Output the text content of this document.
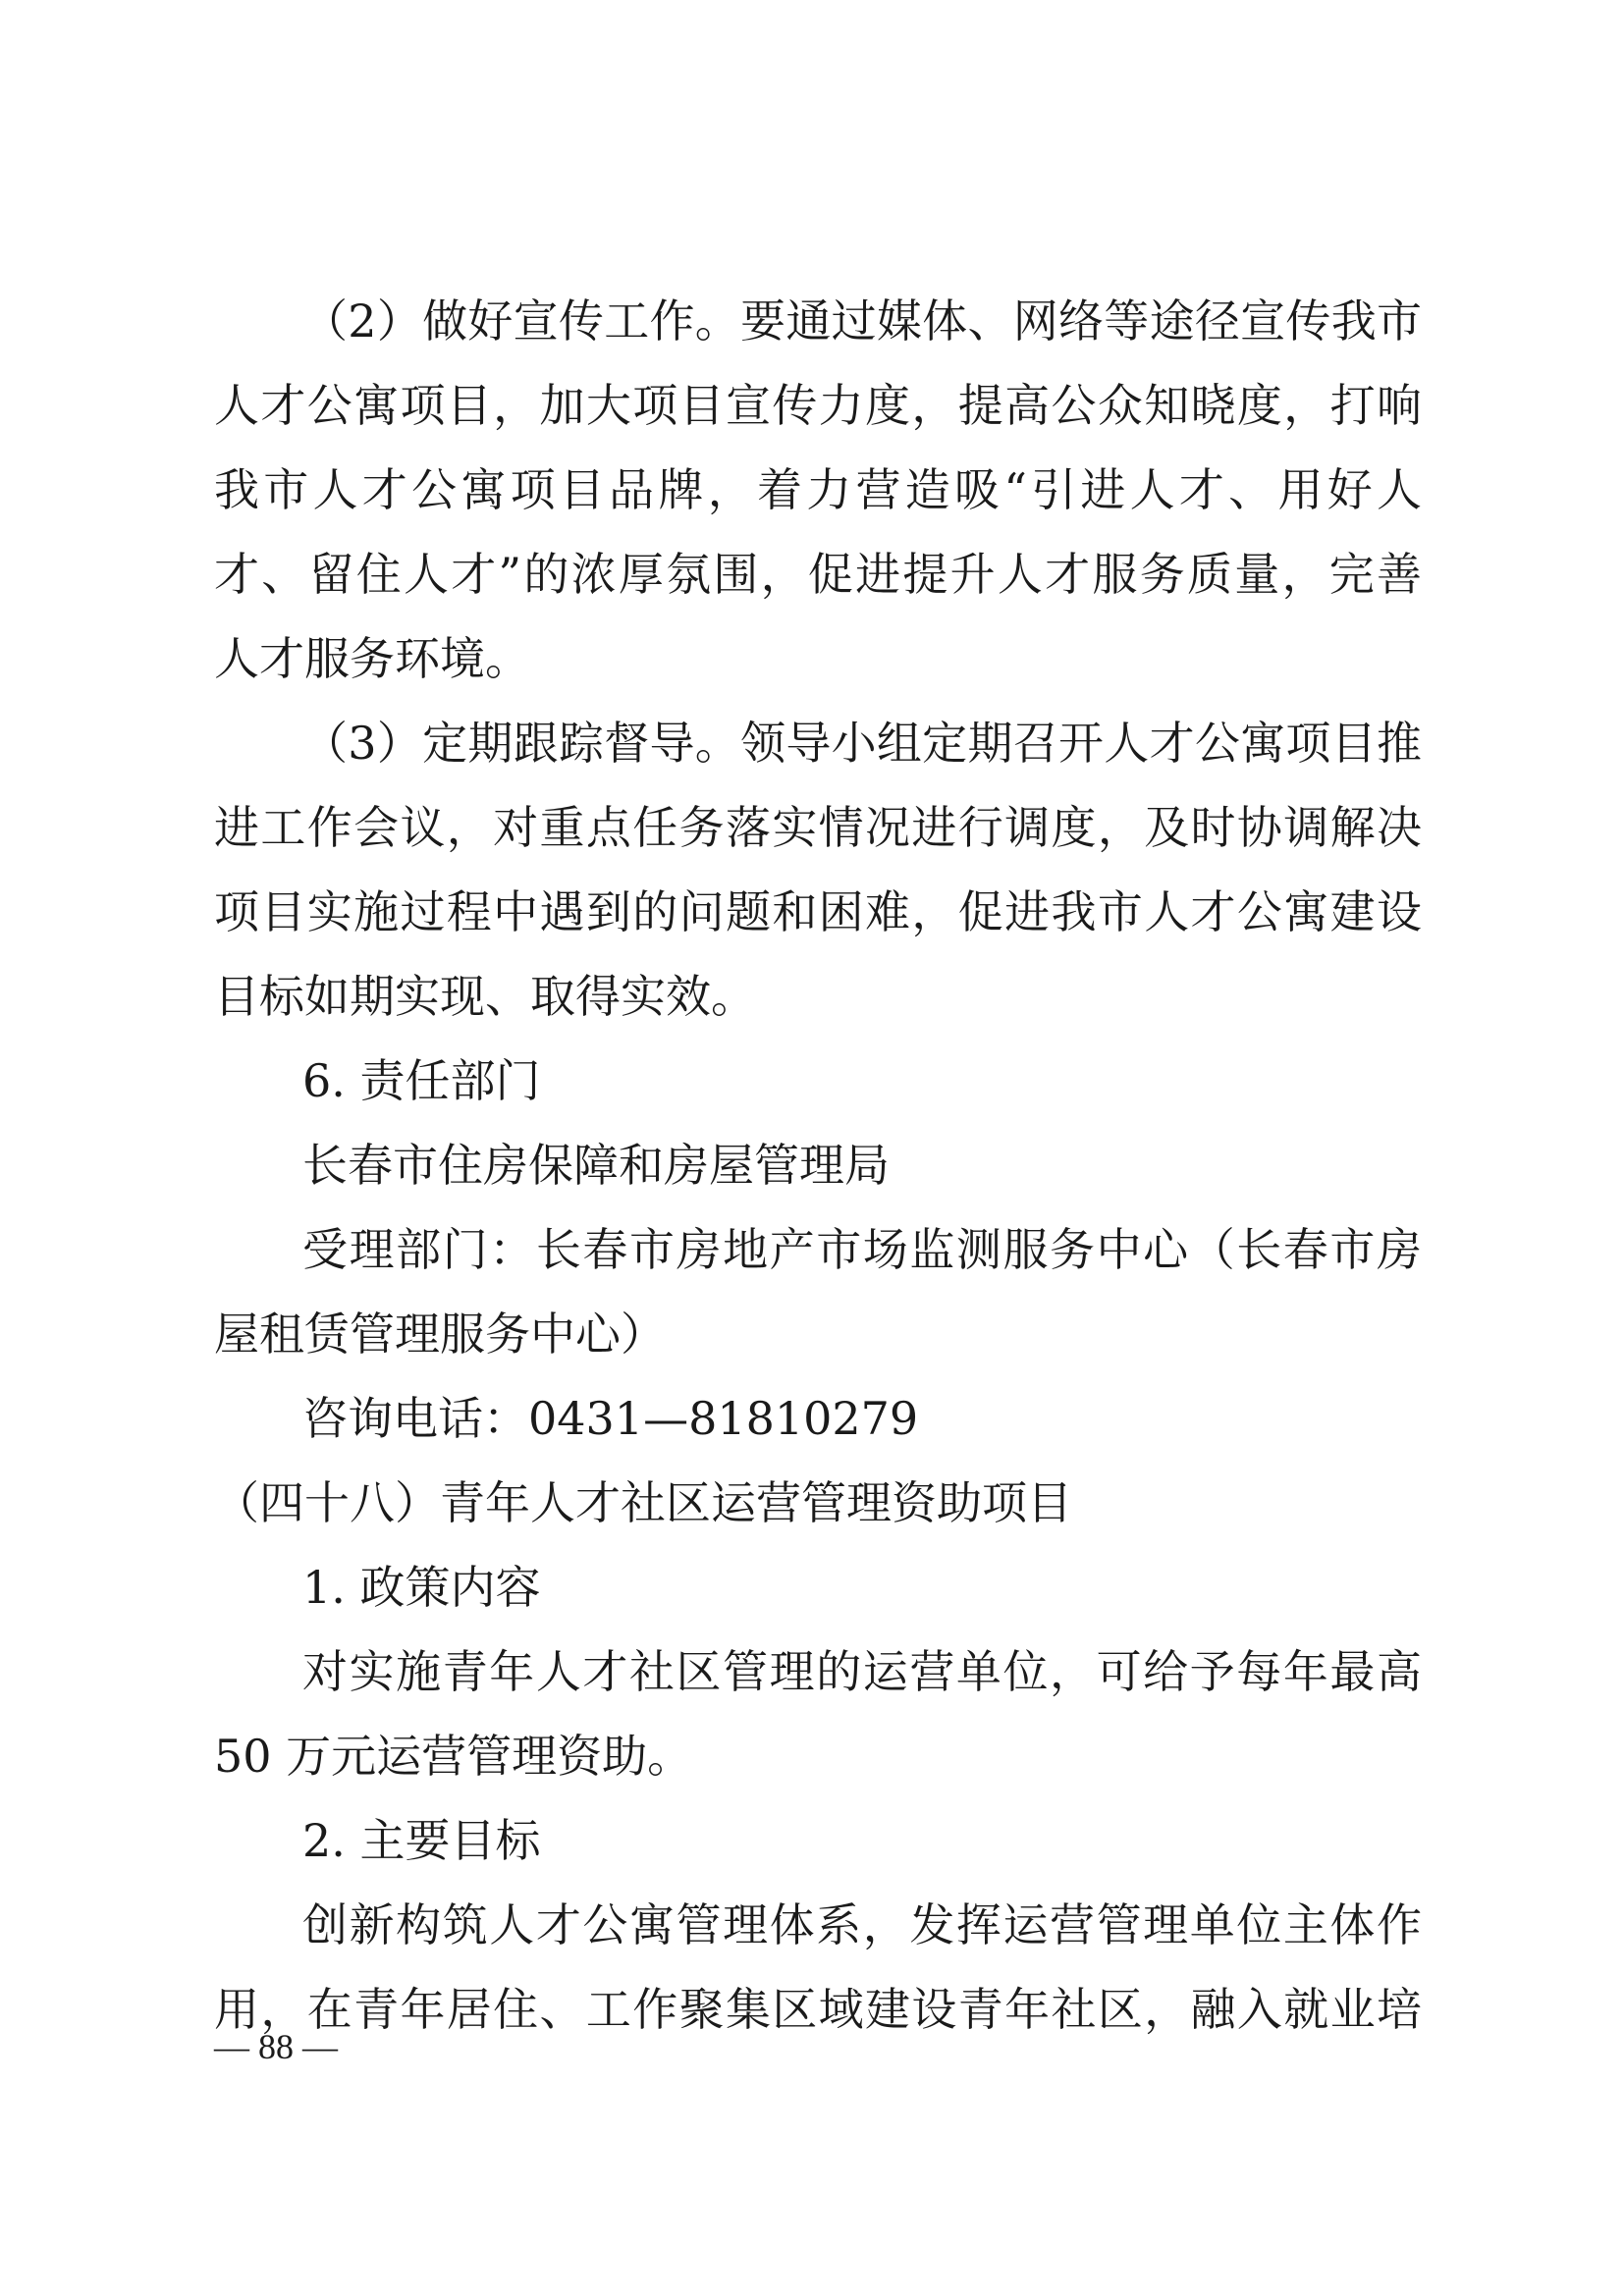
（2）做好宣传工作。要通过媒体、网络等途径宣传我市
人才公寓项目，加大项目宣传力度，提高公众知晓度，打响
我市人才公寓项目品牌，着力营造吸“引进人才、用好人
才、留住人才”的浓厚氛围，促进提升人才服务质量，完善
人才服务环境。
（3）定期跟踪督导。领导小组定期召开人才公寓项目推
进工作会议，对重点任务落实情况进行调度，及时协调解决
项目实施过程中遇到的问题和困难，促进我市人才公寓建设
目标如期实现、取得实效。
6. 责任部门
长春市住房保障和房屋管理局
受理部门：长春市房地产市场监测服务中心（长春市房
屋租赁管理服务中心）
咨询电话：0431—81810279
（四十八）青年人才社区运营管理资助项目
1. 政策内容
对实施青年人才社区管理的运营单位，可给予每年最高
50 万元运营管理资助。
2. 主要目标
创新构筑人才公寓管理体系，发挥运营管理单位主体作
用，在青年居住、工作聚集区域建设青年社区，融入就业培
— 88 —
